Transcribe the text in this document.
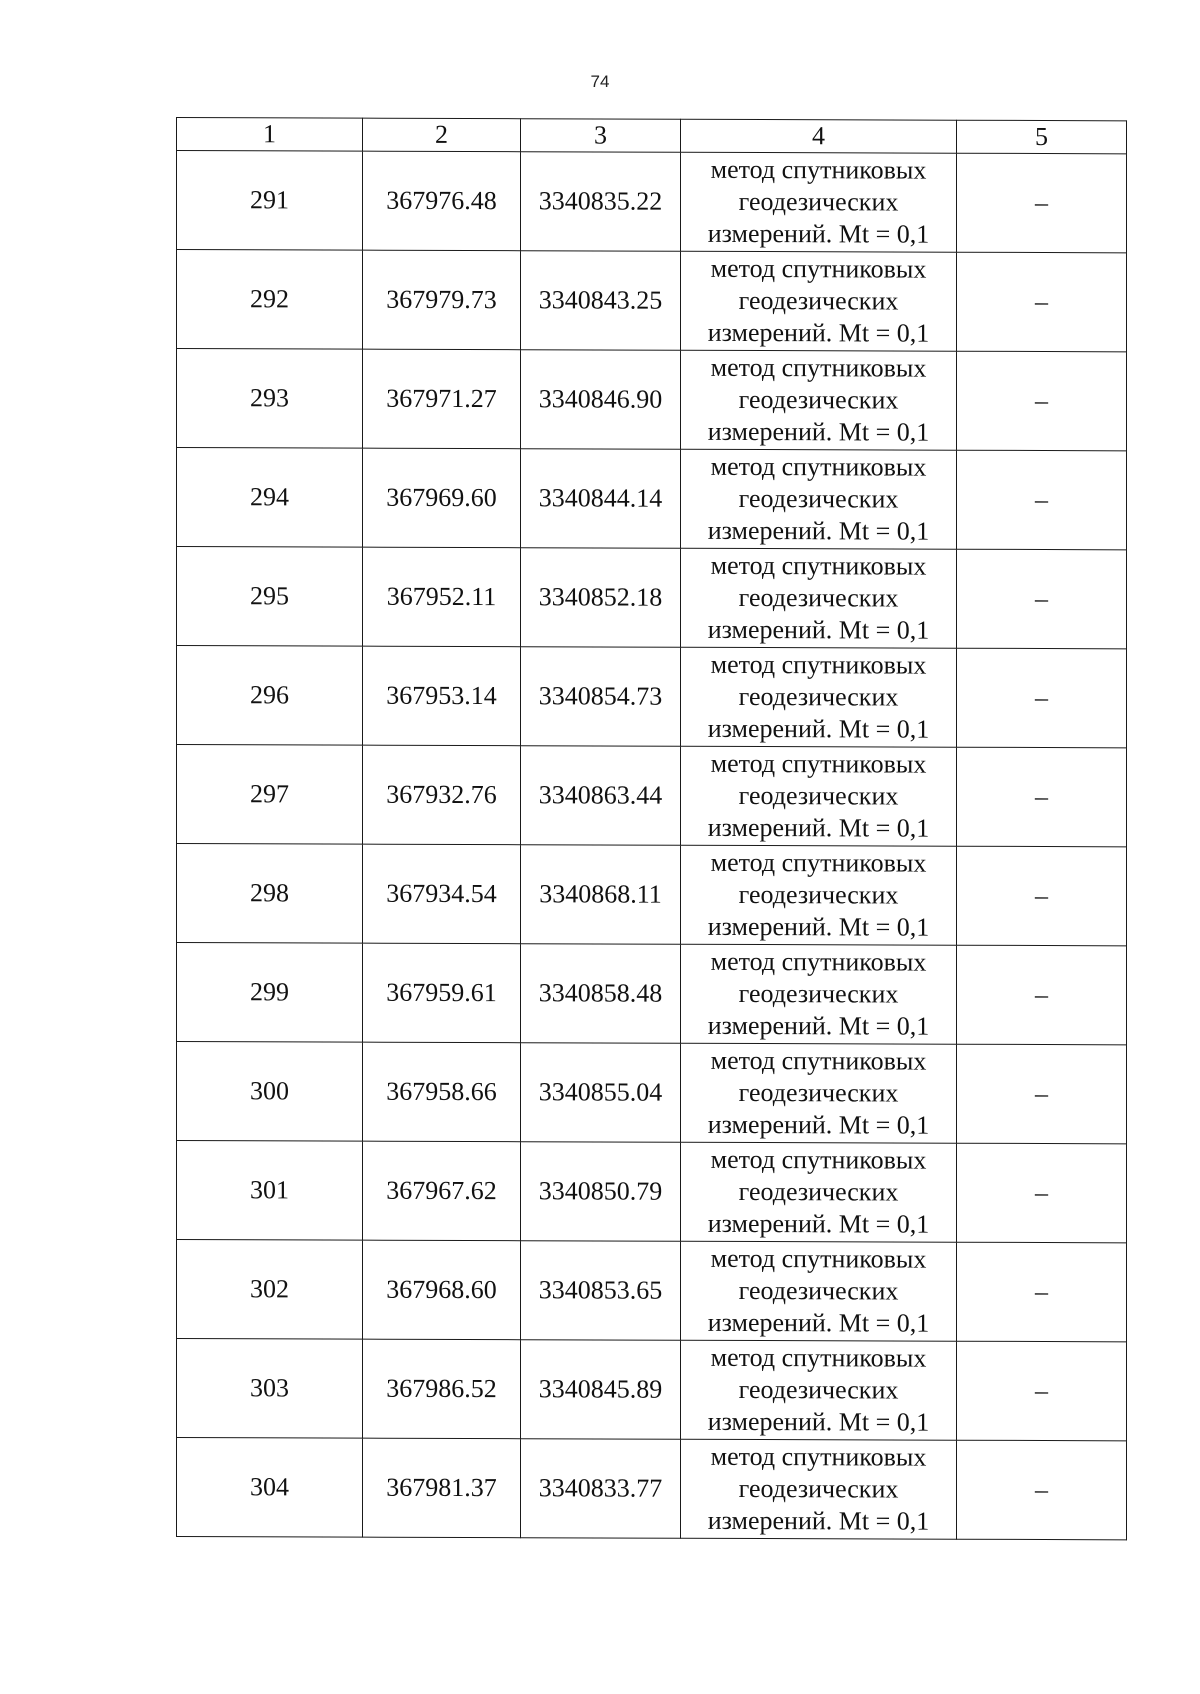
74
1	2	3	4	5
291	367976.48	3340835.22	метод спутниковых
геодезических
измерений. Mt = 0,1	–
292	367979.73	3340843.25	метод спутниковых
геодезических
измерений. Mt = 0,1	–
293	367971.27	3340846.90	метод спутниковых
геодезических
измерений. Mt = 0,1	–
294	367969.60	3340844.14	метод спутниковых
геодезических
измерений. Mt = 0,1	–
295	367952.11	3340852.18	метод спутниковых
геодезических
измерений. Mt = 0,1	–
296	367953.14	3340854.73	метод спутниковых
геодезических
измерений. Mt = 0,1	–
297	367932.76	3340863.44	метод спутниковых
геодезических
измерений. Mt = 0,1	–
298	367934.54	3340868.11	метод спутниковых
геодезических
измерений. Mt = 0,1	–
299	367959.61	3340858.48	метод спутниковых
геодезических
измерений. Mt = 0,1	–
300	367958.66	3340855.04	метод спутниковых
геодезических
измерений. Mt = 0,1	–
301	367967.62	3340850.79	метод спутниковых
геодезических
измерений. Mt = 0,1	–
302	367968.60	3340853.65	метод спутниковых
геодезических
измерений. Mt = 0,1	–
303	367986.52	3340845.89	метод спутниковых
геодезических
измерений. Mt = 0,1	–
304	367981.37	3340833.77	метод спутниковых
геодезических
измерений. Mt = 0,1	–
